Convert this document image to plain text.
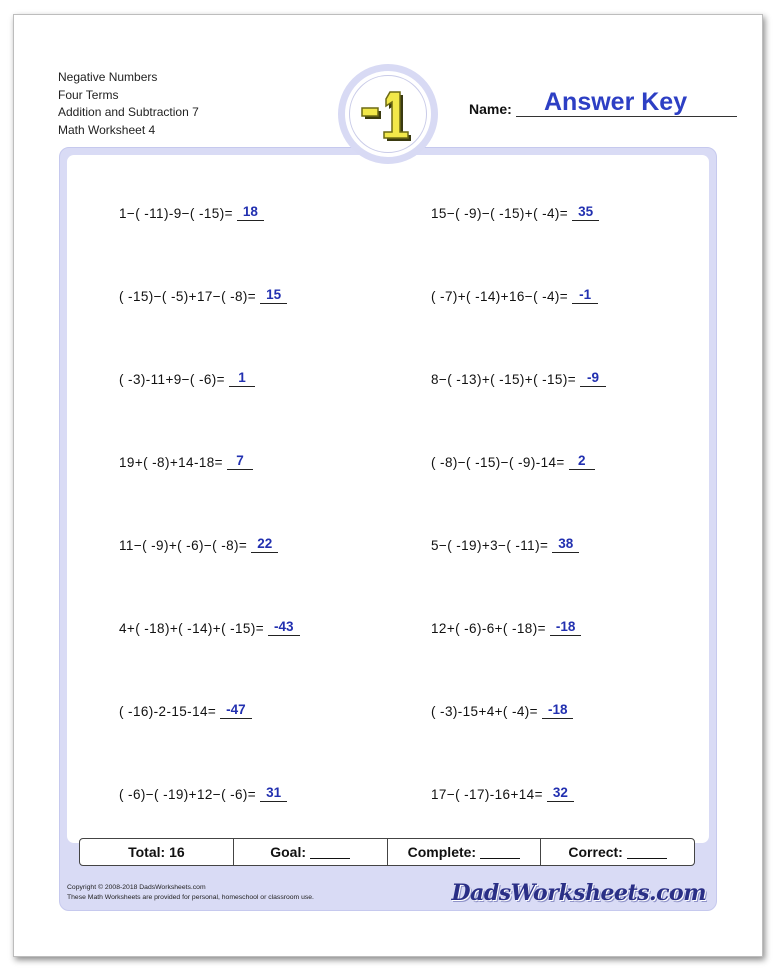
Negative Numbers
Four Terms
Addition and Subtraction 7
Math Worksheet 4
1−( -11)-9−( -15)= 18
( -15)−( -5)+17−( -8)= 15
( -3)-11+9−( -6)= 1
19+( -8)+14-18= 7
11−( -9)+( -6)−( -8)= 22
4+( -18)+( -14)+( -15)= -43
( -16)-2-15-14= -47
( -6)−( -19)+12−( -6)= 31
15−( -9)−( -15)+( -4)= 35
( -7)+( -14)+16−( -4)= -1
8−( -13)+( -15)+( -15)= -9
( -8)−( -15)−( -9)-14= 2
5−( -19)+3−( -11)= 38
12+( -6)-6+( -18)= -18
( -3)-15+4+( -4)= -18
17−( -17)-16+14= 32
Total: 16	Goal:	Complete:	Correct:
Copyright © 2008-2018 DadsWorksheets.com
These Math Worksheets are provided for personal, homeschool or classroom use.	DadsWorksheets.com
Name: Answer Key
